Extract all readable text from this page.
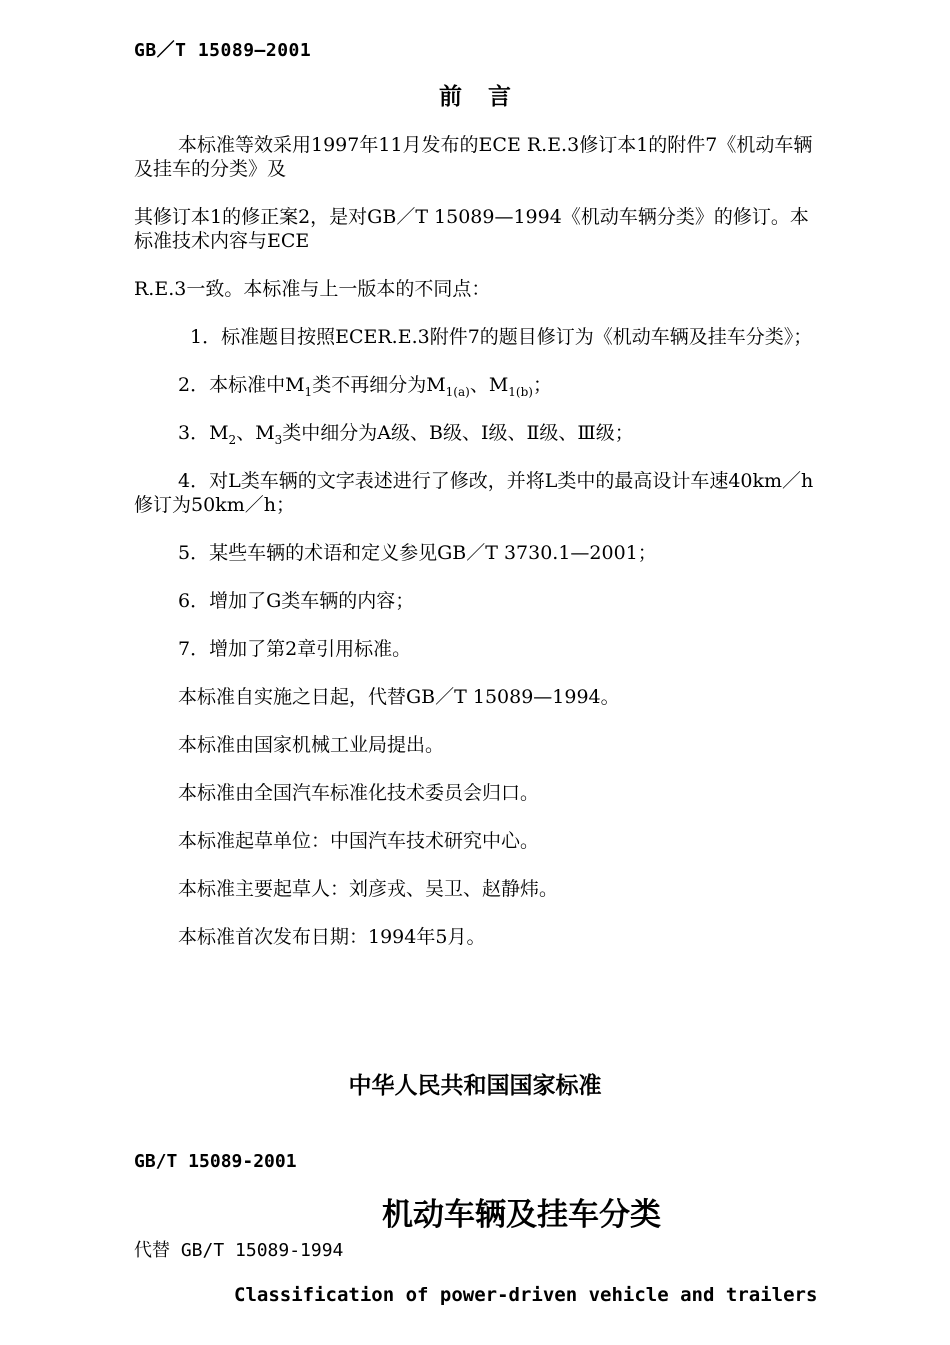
GB／T 15089—2001
前言

本标准等效采用1997年11月发布的ECE R.E.3修订本1的附件7《机动车辆及挂车的分类》及

其修订本1的修正案2，是对GB／T 15089—1994《机动车辆分类》的修订。本标准技术内容与ECE

R.E.3一致。本标准与上一版本的不同点：

1．标准题目按照ECER.E.3附件7的题目修订为《机动车辆及挂车分类》；

2．本标准中$M_1$类不再细分为$M_{1(a)}$、$M_{1(b)}$；

3．$M_2$、$M_3$类中细分为A级、B级、Ⅰ级、Ⅱ级、Ⅲ级；

4．对L类车辆的文字表述进行了修改，并将L类中的最高设计车速40km／h修订为50km／h；

5．某些车辆的术语和定义参见GB／T 3730.1—2001；

6．增加了G类车辆的内容；

7．增加了第2章引用标准。

本标准自实施之日起，代替GB／T 15089—1994。

本标准由国家机械工业局提出。

本标准由全国汽车标准化技术委员会归口。

本标准起草单位：中国汽车技术研究中心。

本标准主要起草人：刘彦戎、吴卫、赵静炜。

本标准首次发布日期：1994年5月。

中华人民共和国国家标准
GB/T 15089-2001
机动车辆及挂车分类
代替 GB/T 15089-1994
Classification of power-driven vehicle and trailers
